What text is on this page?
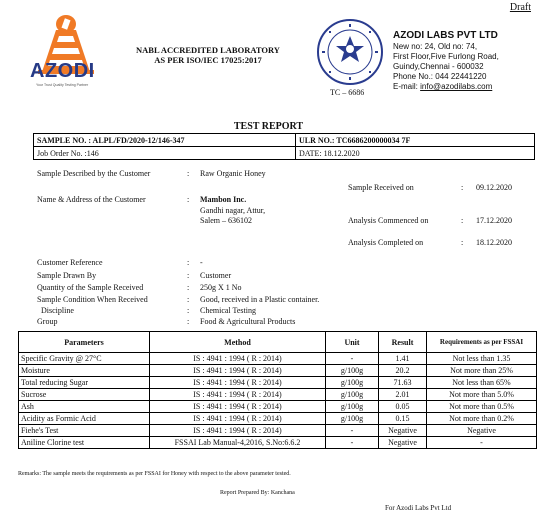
Draft
AZODI
Your Trust Quality Testing Partner
NABL ACCREDITED LABORATORY
AS PER ISO/IEC 17025:2017
TC – 6686
AZODI LABS PVT LTD
New no: 24, Old no: 74,
First Floor,Five Furlong Road,
Guindy,Chennai - 600032
Phone No.: 044 22441220
E-mail: info@azodilabs.com
TEST REPORT
SAMPLE NO. : ALPL/FD/2020-12/146-347	ULR NO.: TC6686200000034 7F
Job Order No. :146	DATE: 18.12.2020
Sample Described by the Customer	: Raw Organic Honey
Name & Address of the Customer	: Mambon Inc.
Gandhi nagar, Attur,
Salem – 636102
Sample Received on	: 09.12.2020
Analysis Commenced on	: 17.12.2020
Analysis Completed on	: 18.12.2020
Customer Reference	: -
Sample Drawn By	: Customer
Quantity of the Sample Received	: 250g X 1 No
Sample Condition When Received	: Good, received in a Plastic container.
Discipline	: Chemical Testing
Group	: Food & Agricultural Products
Parameters	Method	Unit	Result	Requirements as per FSSAI
Specific Gravity @ 27°C	IS : 4941 : 1994 ( R : 2014)	-	1.41	Not less than 1.35
Moisture	IS : 4941 : 1994 ( R : 2014)	g/100g	20.2	Not more than 25%
Total reducing Sugar	IS : 4941 : 1994 ( R : 2014)	g/100g	71.63	Not less than 65%
Sucrose	IS : 4941 : 1994 ( R : 2014)	g/100g	2.01	Not more than 5.0%
Ash	IS : 4941 : 1994 ( R : 2014)	g/100g	0.05	Not more than 0.5%
Acidity as Formic Acid	IS : 4941 : 1994 ( R : 2014)	g/100g	0.15	Not more than 0.2%
Fiehe's Test	IS : 4941 : 1994 ( R : 2014)	-	Negative	Negative
Aniline Clorine test	FSSAI Lab Manual-4,2016, S.No:6.6.2	-	Negative	-
Remarks: The sample meets the requirements as per FSSAI for Honey with respect to the above parameter tested.
Report Prepared By: Kanchana
For Azodi Labs Pvt Ltd
